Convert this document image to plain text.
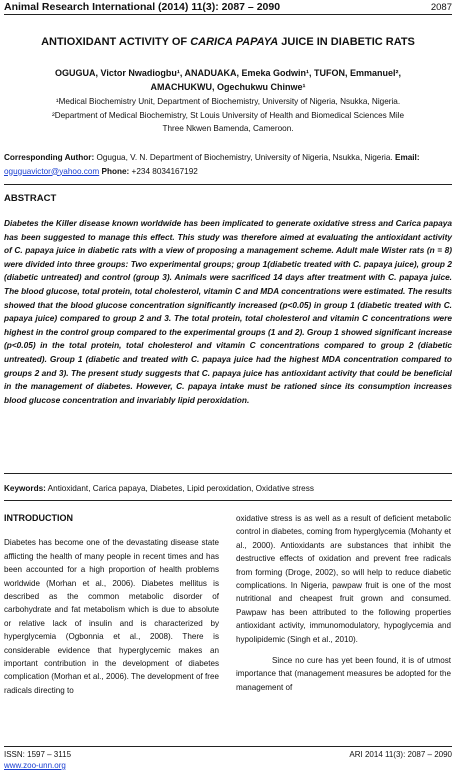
Animal Research International (2014) 11(3): 2087 – 2090	2087
ANTIOXIDANT ACTIVITY OF CARICA PAPAYA JUICE IN DIABETIC RATS
OGUGUA, Victor Nwadiogbu¹, ANADUAKA, Emeka Godwin¹, TUFON, Emmanuel²,
AMACHUKWU, Ogechukwu Chinwe¹
¹Medical Biochemistry Unit, Department of Biochemistry, University of Nigeria, Nsukka, Nigeria.
²Department of Medical Biochemistry, St Louis University of Health and Biomedical Sciences Mile
Three Nkwen Bamenda, Cameroon.
Corresponding Author: Ogugua, V. N. Department of Biochemistry, University of Nigeria, Nsukka, Nigeria. Email: oguguavictor@yahoo.com Phone: +234 8034167192
ABSTRACT
Diabetes the Killer disease known worldwide has been implicated to generate oxidative stress and Carica papaya has been suggested to manage this effect. This study was therefore aimed at evaluating the antioxidant activity of C. papaya juice in diabetic rats with a view of proposing a management scheme. Adult male Wister rats (n = 8) were divided into three groups: Two experimental groups; group 1(diabetic treated with C. papaya juice), group 2 (diabetic untreated) and control (group 3). Animals were sacrificed 14 days after treatment with C. papaya juice. The blood glucose, total protein, total cholesterol, vitamin C and MDA concentrations were estimated. The results showed that the blood glucose concentration significantly increased (p<0.05) in group 1 (diabetic treated with C. papaya juice) compared to group 2 and 3. The total protein, total cholesterol and vitamin C concentrations were highest in the control group compared to the experimental groups (1 and 2). Group 1 showed significant increase (p<0.05) in the total protein, total cholesterol and vitamin C concentrations compared to group 2 (diabetic untreated). Group 1 (diabetic and treated with C. papaya juice had the highest MDA concentration compared to groups 2 and 3). The present study suggests that C. papaya juice has antioxidant activity that could be beneficial in the management of diabetes. However, C. papaya intake must be rationed since its consumption increases blood glucose concentration and invariably lipid peroxidation.
Keywords: Antioxidant, Carica papaya, Diabetes, Lipid peroxidation, Oxidative stress
INTRODUCTION

Diabetes has become one of the devastating disease state afflicting the health of many people in recent times and has been accounted for a high proportion of health problems worldwide (Morhan et al., 2006). Diabetes mellitus is described as the common metabolic disorder of carbohydrate and fat metabolism which is due to absolute or relative lack of insulin and is characterized by hyperglycemia (Ogbonnia et al., 2008). There is considerable evidence that hyperglycemic makes an important contribution in the development of diabetes complication (Morhan et al., 2006). The development of free radicals directing to

oxidative stress is as well as a result of deficient metabolic control in diabetes, coming from hyperglycemia (Mohanty et al., 2000). Antioxidants are substances that inhibit the destructive effects of oxidation and prevent free radicals from forming (Droge, 2002), so will help to reduce diabetic complications. In Nigeria, pawpaw fruit is one of the most nutritional and cheapest fruit grown and consumed. Pawpaw has been attributed to the following properties antioxidant activity, immunomodulatory, hypoglycemia and hypolipidemic (Singh et al., 2010).

Since no cure has yet been found, it is of utmost importance that (management measures be adopted for the management of

ISSN: 1597 – 3115
www.zoo-unn.org
ARI 2014 11(3): 2087 – 2090
